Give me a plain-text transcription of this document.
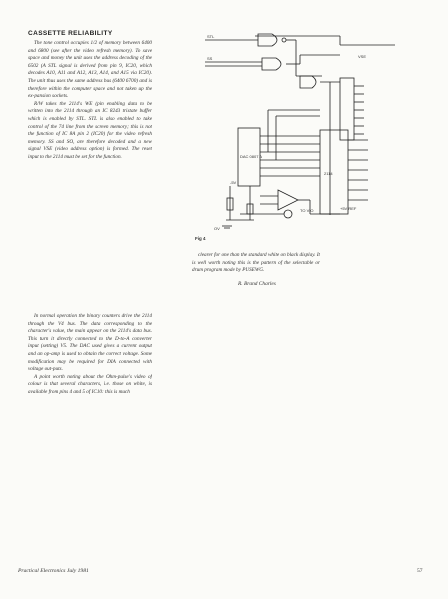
CASSETTE RELIABILITY

The tone control occupies 1/2 of memory between 6400 and 6800 (see after the video refresh memory). To save space and money the unit uses the address decoding of the 6502 (A STL signal is derived from pin 9, IC20, which decodes A10, A11 and A12, A13, A14, and A15 via IC20). The unit thus uses the same address bus (6400 6700) and is therefore within the computer space and not taken up the ex-pansion sockets.

R/W takes the 2114's WE (pin enabling data to be written into the 2114 through an IC 8243 tristate buffer which is enabled by STL. STL is also enabled to take control of the 74 line from the screen memory; this is not the function of IC 8A pin 2 (IC20) for the video refresh memory. SS and SO, are therefore decoded and a new signal VSE (video address option) is formed. The reset input to the 2114 must be set for the function.

In normal operation the binary counters drive the 2114 through the V4 bus. The data corresponding to the character's value, the main appear on the 2114's data bus. This turn it directly connected to the D-to-A converter input (setting) V5. The DAC used gives a current output and an op-amp is used to obtain the correct voltage. Some modification may be required for DIA connected with voltage out-puts.

A point worth noting about the Ohm-pulse's video of colour is that several characters, i.e. those on white, is available from pins 4 and 5 of IC10: this is much

clearer for one than the standard white on black display. It is well worth noting this is the pattern of the selectable or drum program mode by PUSEWG.

R. Brand Charles
Fig 4
STL
SS	VSE
DAC 0807 A
2114
+5V REF
-5V
TO VIO
OV
Practical Electronics July 1981	57
